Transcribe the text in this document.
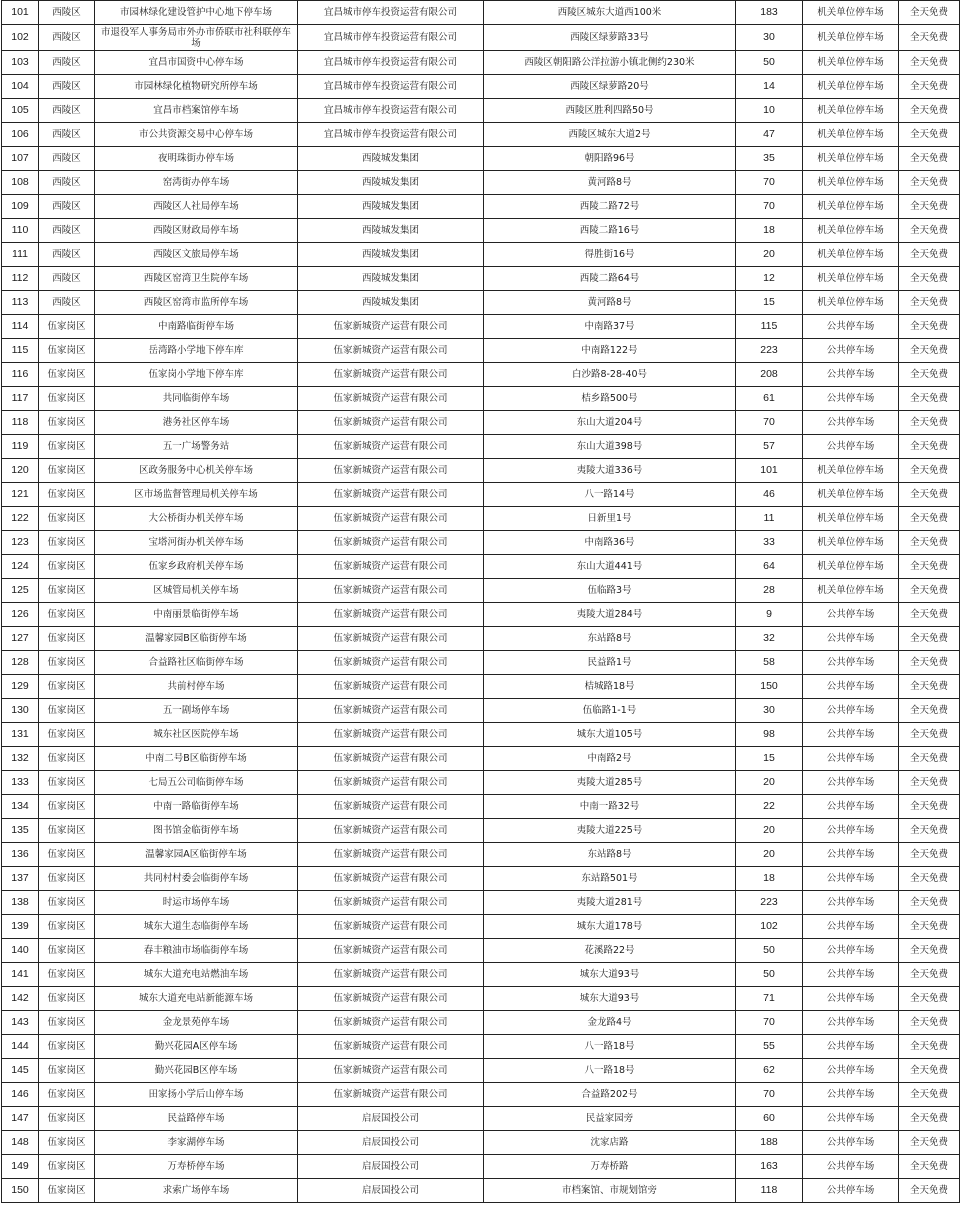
101	西陵区	市园林绿化建设管护中心地下停车场	宜昌城市停车投资运营有限公司	西陵区城东大道西100米	183	机关单位停车场	全天免费
102	西陵区	市退役军人事务局市外办市侨联市社科联停车场	宜昌城市停车投资运营有限公司	西陵区绿萝路33号	30	机关单位停车场	全天免费
103	西陵区	宜昌市国资中心停车场	宜昌城市停车投资运营有限公司	西陵区朝阳路公洋拉游小镇北侧约230米	50	机关单位停车场	全天免费
104	西陵区	市园林绿化植物研究所停车场	宜昌城市停车投资运营有限公司	西陵区绿萝路20号	14	机关单位停车场	全天免费
105	西陵区	宜昌市档案馆停车场	宜昌城市停车投资运营有限公司	西陵区胜利四路50号	10	机关单位停车场	全天免费
106	西陵区	市公共资源交易中心停车场	宜昌城市停车投资运营有限公司	西陵区城东大道2号	47	机关单位停车场	全天免费
107	西陵区	夜明珠街办停车场	西陵城发集团	朝阳路96号	35	机关单位停车场	全天免费
108	西陵区	窑湾街办停车场	西陵城发集团	黄河路8号	70	机关单位停车场	全天免费
109	西陵区	西陵区人社局停车场	西陵城发集团	西陵二路72号	70	机关单位停车场	全天免费
110	西陵区	西陵区财政局停车场	西陵城发集团	西陵二路16号	18	机关单位停车场	全天免费
111	西陵区	西陵区文旅局停车场	西陵城发集团	得胜街16号	20	机关单位停车场	全天免费
112	西陵区	西陵区窑湾卫生院停车场	西陵城发集团	西陵二路64号	12	机关单位停车场	全天免费
113	西陵区	西陵区窑湾市监所停车场	西陵城发集团	黄河路8号	15	机关单位停车场	全天免费
114	伍家岗区	中南路临街停车场	伍家新城资产运营有限公司	中南路37号	115	公共停车场	全天免费
115	伍家岗区	岳湾路小学地下停车库	伍家新城资产运营有限公司	中南路122号	223	公共停车场	全天免费
116	伍家岗区	伍家岗小学地下停车库	伍家新城资产运营有限公司	白沙路8-28-40号	208	公共停车场	全天免费
117	伍家岗区	共同临街停车场	伍家新城资产运营有限公司	桔乡路500号	61	公共停车场	全天免费
118	伍家岗区	港务社区停车场	伍家新城资产运营有限公司	东山大道204号	70	公共停车场	全天免费
119	伍家岗区	五一广场警务站	伍家新城资产运营有限公司	东山大道398号	57	公共停车场	全天免费
120	伍家岗区	区政务服务中心机关停车场	伍家新城资产运营有限公司	夷陵大道336号	101	机关单位停车场	全天免费
121	伍家岗区	区市场监督管理局机关停车场	伍家新城资产运营有限公司	八一路14号	46	机关单位停车场	全天免费
122	伍家岗区	大公桥街办机关停车场	伍家新城资产运营有限公司	日新里1号	11	机关单位停车场	全天免费
123	伍家岗区	宝塔河街办机关停车场	伍家新城资产运营有限公司	中南路36号	33	机关单位停车场	全天免费
124	伍家岗区	伍家乡政府机关停车场	伍家新城资产运营有限公司	东山大道441号	64	机关单位停车场	全天免费
125	伍家岗区	区城管局机关停车场	伍家新城资产运营有限公司	伍临路3号	28	机关单位停车场	全天免费
126	伍家岗区	中南丽景临街停车场	伍家新城资产运营有限公司	夷陵大道284号	9	公共停车场	全天免费
127	伍家岗区	温馨家园B区临街停车场	伍家新城资产运营有限公司	东站路8号	32	公共停车场	全天免费
128	伍家岗区	合益路社区临街停车场	伍家新城资产运营有限公司	民益路1号	58	公共停车场	全天免费
129	伍家岗区	共前村停车场	伍家新城资产运营有限公司	桔城路18号	150	公共停车场	全天免费
130	伍家岗区	五一剧场停车场	伍家新城资产运营有限公司	伍临路1-1号	30	公共停车场	全天免费
131	伍家岗区	城东社区医院停车场	伍家新城资产运营有限公司	城东大道105号	98	公共停车场	全天免费
132	伍家岗区	中南二号B区临街停车场	伍家新城资产运营有限公司	中南路2号	15	公共停车场	全天免费
133	伍家岗区	七局五公司临街停车场	伍家新城资产运营有限公司	夷陵大道285号	20	公共停车场	全天免费
134	伍家岗区	中南一路临街停车场	伍家新城资产运营有限公司	中南一路32号	22	公共停车场	全天免费
135	伍家岗区	图书馆金临街停车场	伍家新城资产运营有限公司	夷陵大道225号	20	公共停车场	全天免费
136	伍家岗区	温馨家园A区临街停车场	伍家新城资产运营有限公司	东站路8号	20	公共停车场	全天免费
137	伍家岗区	共同村村委会临街停车场	伍家新城资产运营有限公司	东站路501号	18	公共停车场	全天免费
138	伍家岗区	时运市场停车场	伍家新城资产运营有限公司	夷陵大道281号	223	公共停车场	全天免费
139	伍家岗区	城东大道生态临街停车场	伍家新城资产运营有限公司	城东大道178号	102	公共停车场	全天免费
140	伍家岗区	春丰粮油市场临街停车场	伍家新城资产运营有限公司	花溪路22号	50	公共停车场	全天免费
141	伍家岗区	城东大道充电站燃油车场	伍家新城资产运营有限公司	城东大道93号	50	公共停车场	全天免费
142	伍家岗区	城东大道充电站新能源车场	伍家新城资产运营有限公司	城东大道93号	71	公共停车场	全天免费
143	伍家岗区	金龙景苑停车场	伍家新城资产运营有限公司	金龙路4号	70	公共停车场	全天免费
144	伍家岗区	勤兴花园A区停车场	伍家新城资产运营有限公司	八一路18号	55	公共停车场	全天免费
145	伍家岗区	勤兴花园B区停车场	伍家新城资产运营有限公司	八一路18号	62	公共停车场	全天免费
146	伍家岗区	田家扬小学后山停车场	伍家新城资产运营有限公司	合益路202号	70	公共停车场	全天免费
147	伍家岗区	民益路停车场	启辰国投公司	民益家园旁	60	公共停车场	全天免费
148	伍家岗区	李家湖停车场	启辰国投公司	沈家店路	188	公共停车场	全天免费
149	伍家岗区	万寿桥停车场	启辰国投公司	万寿桥路	163	公共停车场	全天免费
150	伍家岗区	求索广场停车场	启辰国投公司	市档案馆、市规划馆旁	118	公共停车场	全天免费
